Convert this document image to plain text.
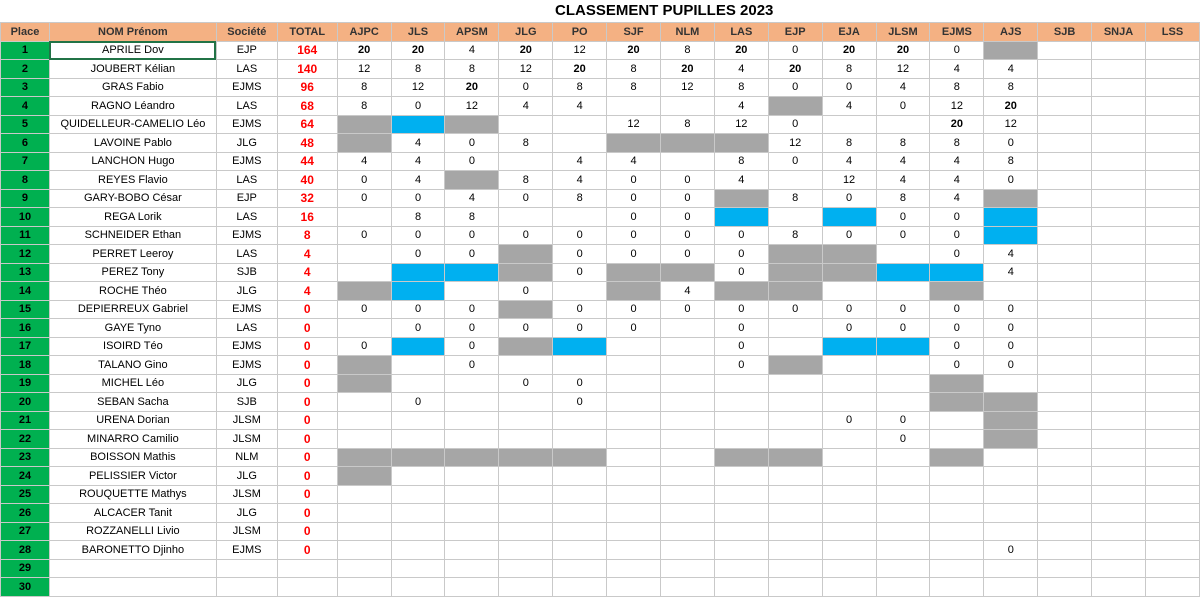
CLASSEMENT PUPILLES 2023
Place	NOM Prénom	Société	TOTAL	AJPC	JLS	APSM	JLG	PO	SJF	NLM	LAS	EJP	EJA	JLSM	EJMS	AJS	SJB	SNJA	LSS
1	APRILE Dov	EJP	164	20	20	4	20	12	20	8	20	0	20	20	0				
2	JOUBERT Kélian	LAS	140	12	8	8	12	20	8	20	4	20	8	12	4	4			
3	GRAS Fabio	EJMS	96	8	12	20	0	8	8	12	8	0	0	4	8	8			
4	RAGNO Léandro	LAS	68	8	0	12	4	4			4		4	0	12	20			
5	QUIDELLEUR-CAMELIO Léo	EJMS	64						12	8	12	0			20	12			
6	LAVOINE Pablo	JLG	48		4	0	8					12	8	8	8	0			
7	LANCHON Hugo	EJMS	44	4	4	0		4	4		8	0	4	4	4	8			
8	REYES Flavio	LAS	40	0	4		8	4	0	0	4		12	4	4	0			
9	GARY-BOBO César	EJP	32	0	0	4	0	8	0	0		8	0	8	4				
10	REGA Lorik	LAS	16		8	8			0	0				0	0				
11	SCHNEIDER Ethan	EJMS	8	0	0	0	0	0	0	0	0	8	0	0	0				
12	PERRET Leeroy	LAS	4		0	0		0	0	0	0				0	4			
13	PEREZ Tony	SJB	4					0			0					4			
14	ROCHE Théo	JLG	4				0			4									
15	DEPIERREUX Gabriel	EJMS	0	0	0	0		0	0	0	0	0	0	0	0	0			
16	GAYE Tyno	LAS	0		0	0	0	0	0		0		0	0	0	0			
17	ISOIRD Téo	EJMS	0	0		0					0				0	0			
18	TALANO Gino	EJMS	0			0					0				0	0			
19	MICHEL Léo	JLG	0				0	0											
20	SEBAN Sacha	SJB	0		0			0											
21	URENA Dorian	JLSM	0										0	0					
22	MINARRO Camilio	JLSM	0											0					
23	BOISSON Mathis	NLM	0																
24	PELISSIER Victor	JLG	0																
25	ROUQUETTE Mathys	JLSM	0																
26	ALCACER Tanit	JLG	0																
27	ROZZANELLI Livio	JLSM	0																
28	BARONETTO Djinho	EJMS	0													0			
29																			
30																			
